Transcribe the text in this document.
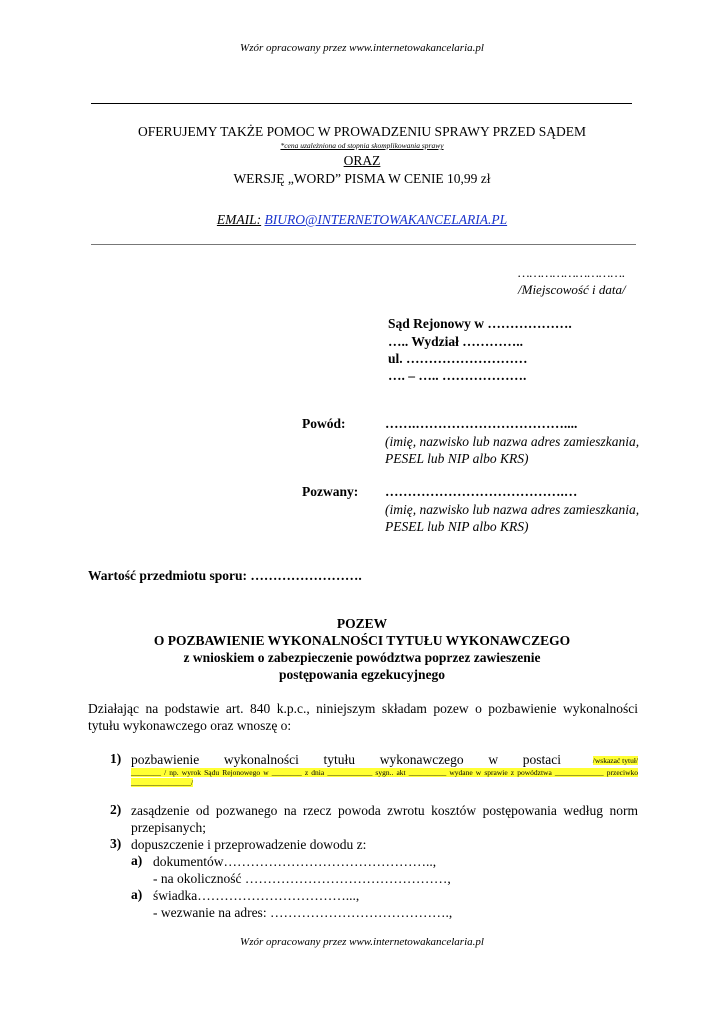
Wzór opracowany przez www.internetowakancelaria.pl
OFERUJEMY TAKŻE POMOC W PROWADZENIU SPRAWY PRZED SĄDEM
*cena uzależniona od stopnia skomplikowania sprawy
ORAZ
WERSJĘ „WORD” PISMA W CENIE 10,99 zł
EMAIL: BIURO@INTERNETOWAKANCELARIA.PL
……………………….
/Miejscowość i data/
Sąd Rejonowy w ……………….
….. Wydział …………..
ul. ………………………
…. – ….. ……………….
Powód:	…….……………………………....
(imię, nazwisko lub nazwa adres zamieszkania, PESEL lub NIP albo KRS)
Pozwany: ………………………………….…
(imię, nazwisko lub nazwa adres zamieszkania, PESEL lub NIP albo KRS)
Wartość przedmiotu sporu: …………………….
POZEW
O POZBAWIENIE WYKONALNOŚCI TYTUŁU WYKONAWCZEGO
z wnioskiem o zabezpieczenie powództwa poprzez zawieszenie
postępowania egzekucyjnego
Działając na podstawie art. 840 k.p.c., niniejszym składam pozew o pozbawienie wykonalności tytułu wykonawczego oraz wnoszę o:
1) pozbawienie wykonalności tytułu wykonawczego w postaci	/wskazać tytuł/
________ / np. wyrok Sądu Rejonowego w ________ z dnia ____________ sygn.. akt __________ wydane w sprawie z powództwa _____________ przeciwko ________________/
2) zasądzenie od pozwanego na rzecz powoda zwrotu kosztów postępowania według norm przepisanych;
3) dopuszczenie i przeprowadzenie dowodu z:
a) dokumentów………………………………………..,
- na okoliczność ………………………………………,
a) świadka……………………………...,
- wezwanie na adres: ………………………………….,
Wzór opracowany przez www.internetowakancelaria.pl
